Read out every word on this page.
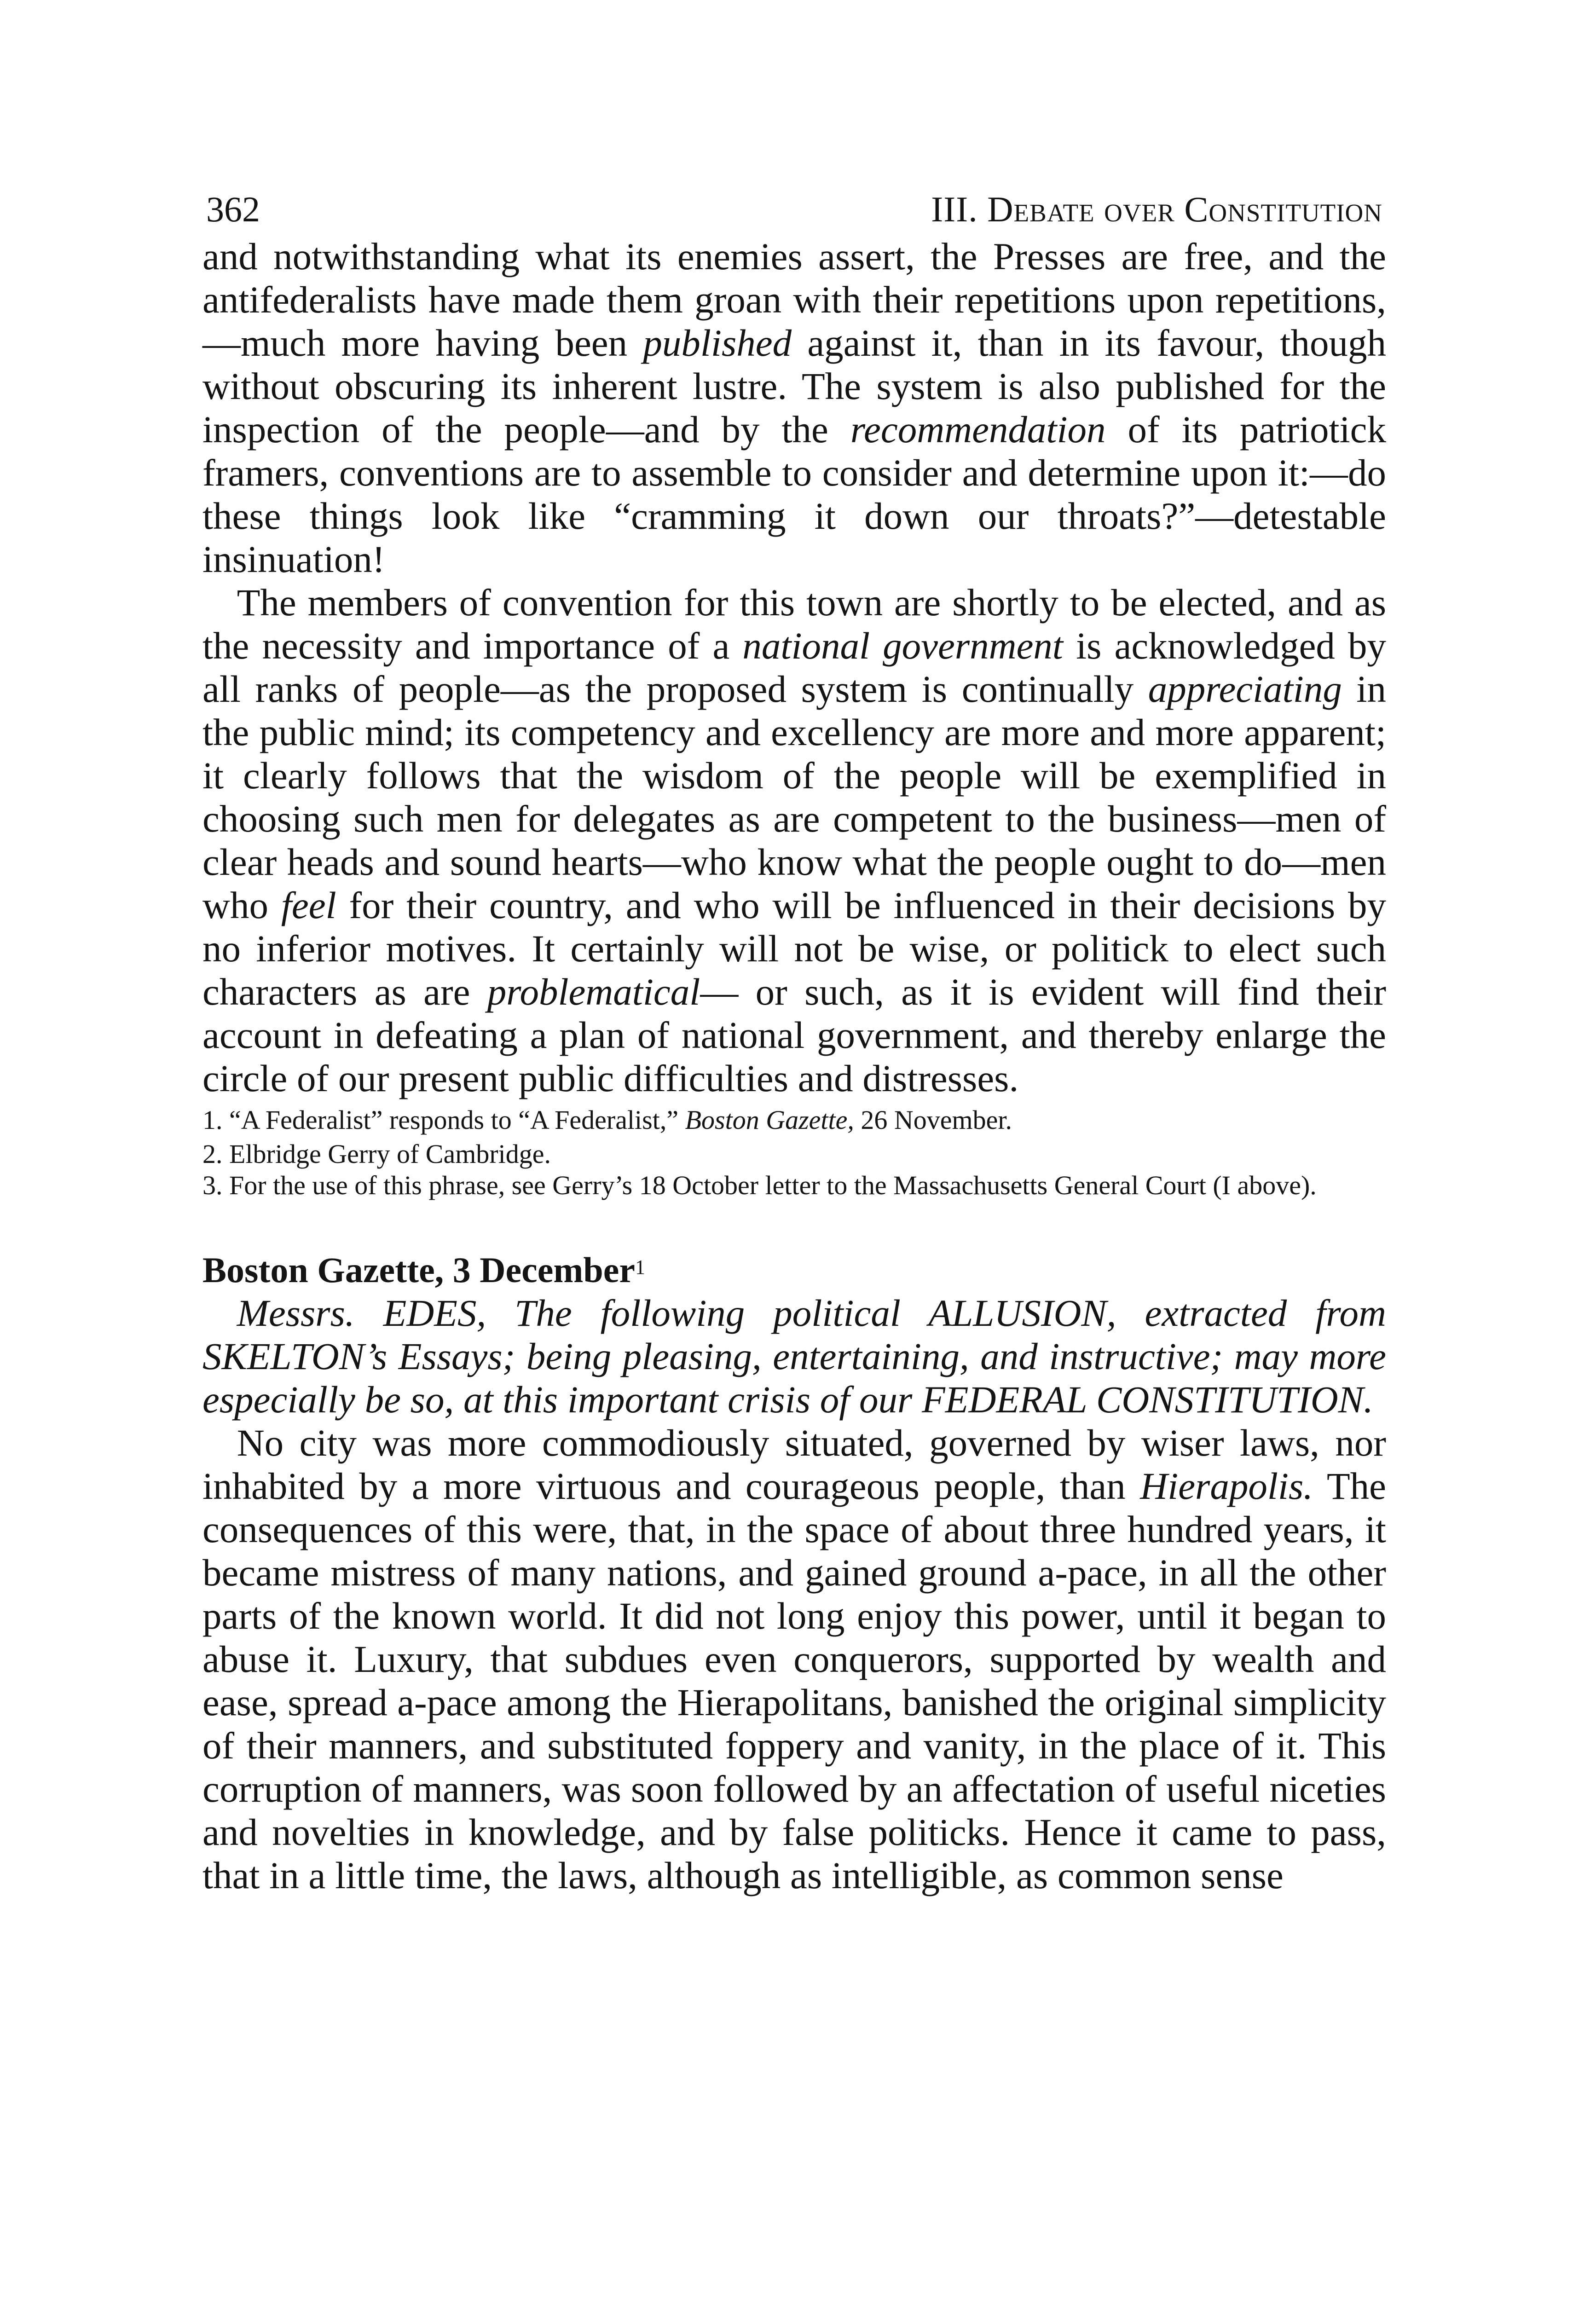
362	III. Debate over Constitution

and notwithstanding what its enemies assert, the Presses are free, and the antifederalists have made them groan with their repetitions upon repetitions,—much more having been published against it, than in its favour, though without obscuring its inherent lustre. The system is also published for the inspection of the people—and by the recommendation of its patriotick framers, conventions are to assemble to consider and determine upon it:—do these things look like “cramming it down our throats?”—detestable insinuation!

The members of convention for this town are shortly to be elected, and as the necessity and importance of a national government is acknowledged by all ranks of people—as the proposed system is continually appreciating in the public mind; its competency and excellency are more and more apparent; it clearly follows that the wisdom of the people will be exemplified in choosing such men for delegates as are competent to the business—men of clear heads and sound hearts—who know what the people ought to do—men who feel for their country, and who will be influenced in their decisions by no inferior motives. It certainly will not be wise, or politick to elect such characters as are problematical— or such, as it is evident will find their account in defeating a plan of national government, and thereby enlarge the circle of our present public difficulties and distresses.

1. “A Federalist” responds to “A Federalist,” Boston Gazette, 26 November.
2. Elbridge Gerry of Cambridge.
3. For the use of this phrase, see Gerry’s 18 October letter to the Massachusetts General Court (I above).
Boston Gazette, 3 December$^1$

Messrs. EDES, The following political ALLUSION, extracted from SKELTON’s Essays; being pleasing, entertaining, and instructive; may more especially be so, at this important crisis of our FEDERAL CONSTITUTION.

No city was more commodiously situated, governed by wiser laws, nor inhabited by a more virtuous and courageous people, than Hierapolis. The consequences of this were, that, in the space of about three hundred years, it became mistress of many nations, and gained ground a-pace, in all the other parts of the known world. It did not long enjoy this power, until it began to abuse it. Luxury, that subdues even conquerors, supported by wealth and ease, spread a-pace among the Hierapolitans, banished the original simplicity of their manners, and substituted foppery and vanity, in the place of it. This corruption of manners, was soon followed by an affectation of useful niceties and novelties in knowledge, and by false politicks. Hence it came to pass, that in a little time, the laws, although as intelligible, as common sense
